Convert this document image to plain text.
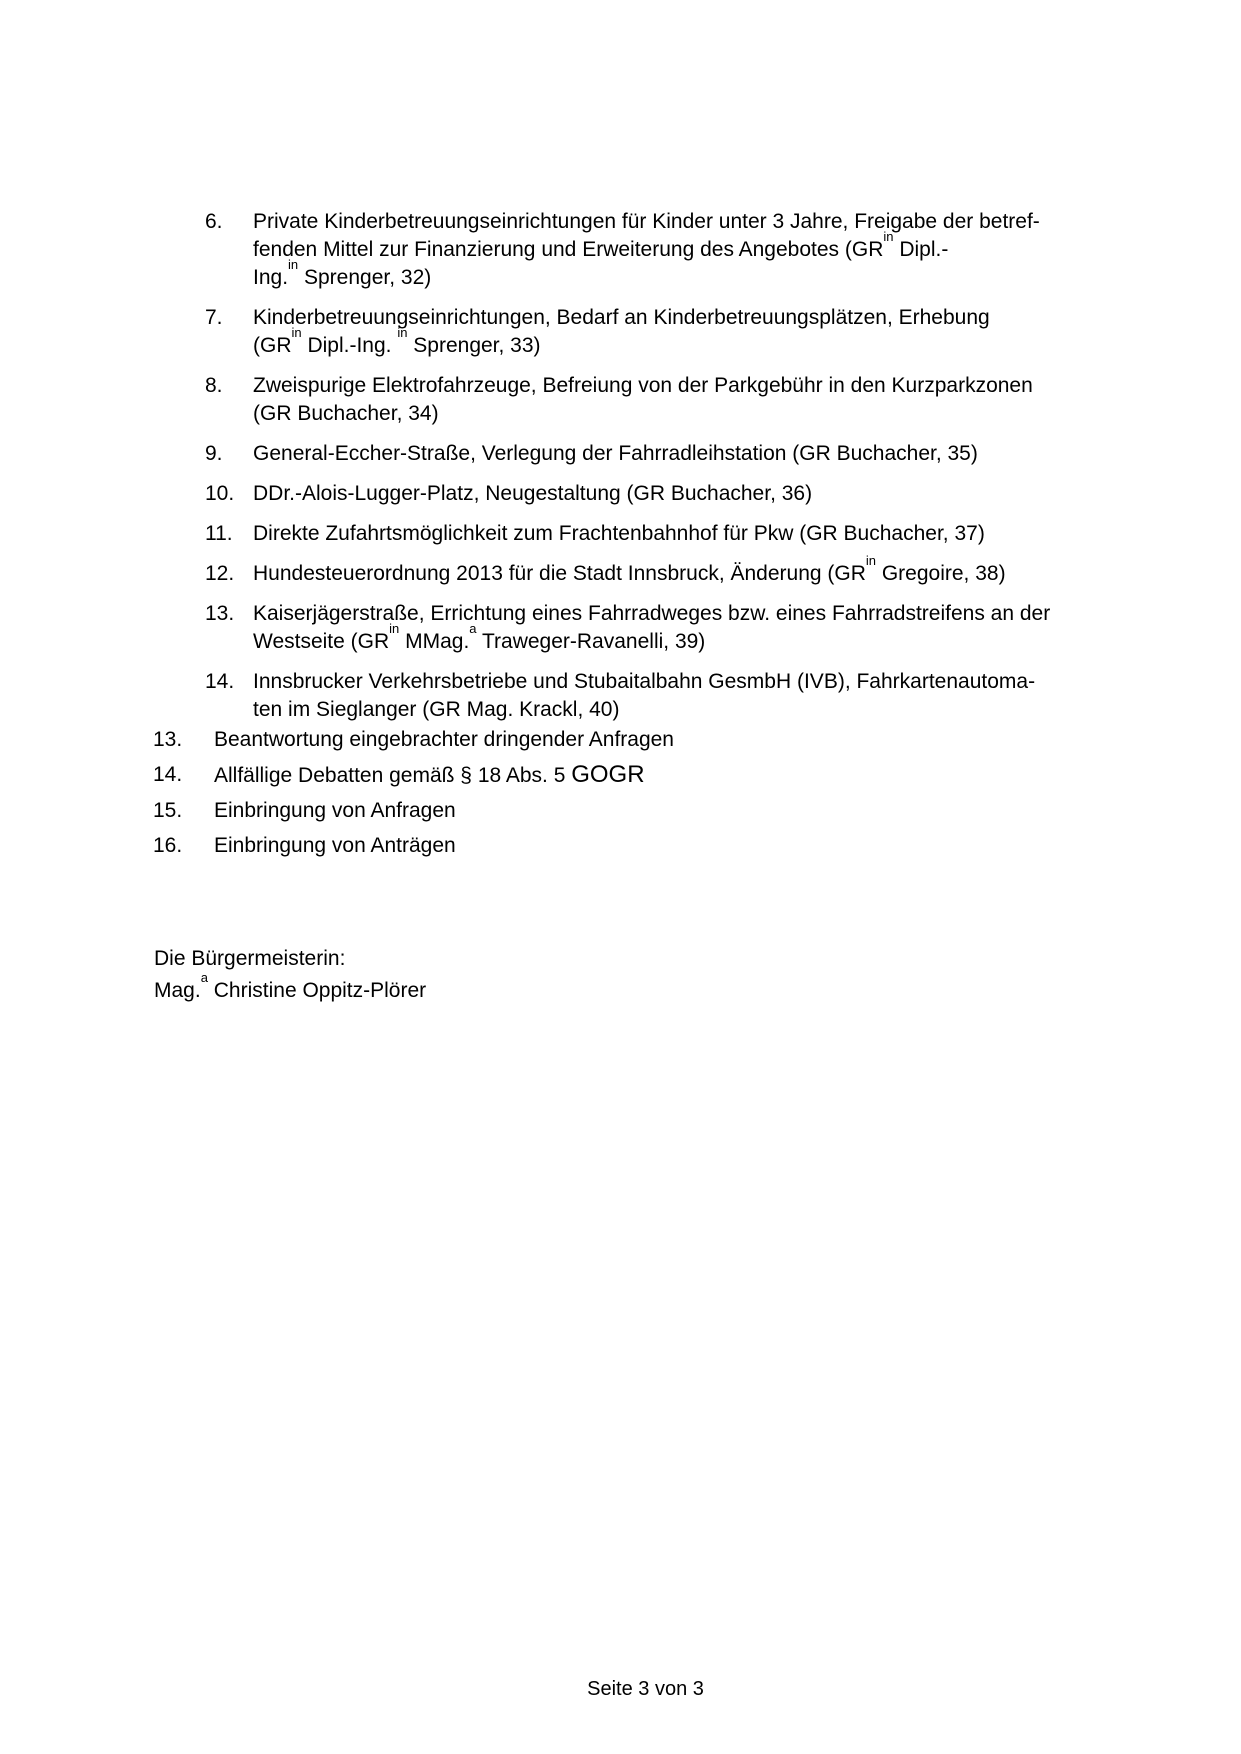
6.	Private Kinderbetreuungseinrichtungen für Kinder unter 3 Jahre, Freigabe der betref-
fenden Mittel zur Finanzierung und Erweiterung des Angebotes ($GR^{in}$ Dipl.-
Ing.$^{in}$ Sprenger, 32)
7.	Kinderbetreuungseinrichtungen, Bedarf an Kinderbetreuungsplätzen, Erhebung
($GR^{in}$ Dipl.-Ing. $^{in}$ Sprenger, 33)
8.	Zweispurige Elektrofahrzeuge, Befreiung von der Parkgebühr in den Kurzparkzonen
(GR Buchacher, 34)
9.	General-Eccher-Straße, Verlegung der Fahrradleihstation (GR Buchacher, 35)
10. DDr.-Alois-Lugger-Platz, Neugestaltung (GR Buchacher, 36)
11. Direkte Zufahrtsmöglichkeit zum Frachtenbahnhof für Pkw (GR Buchacher, 37)
12. Hundesteuerordnung 2013 für die Stadt Innsbruck, Änderung ($GR^{in}$ Gregoire, 38)
13. Kaiserjägerstraße, Errichtung eines Fahrradweges bzw. eines Fahrradstreifens an der
Westseite ($GR^{in}$ MMag.$^a$ Traweger-Ravanelli, 39)
14. Innsbrucker Verkehrsbetriebe und Stubaitalbahn GesmbH (IVB), Fahrkartenautoma-
ten im Sieglanger (GR Mag. Krackl, 40)
13.	Beantwortung eingebrachter dringender Anfragen
14.	Allfällige Debatten gemäß § 18 Abs. 5 GOGR
15.	Einbringung von Anfragen
16.	Einbringung von Anträgen

Die Bürgermeisterin:

Mag.$^a$ Christine Oppitz-Plörer

Seite 3 von 3
